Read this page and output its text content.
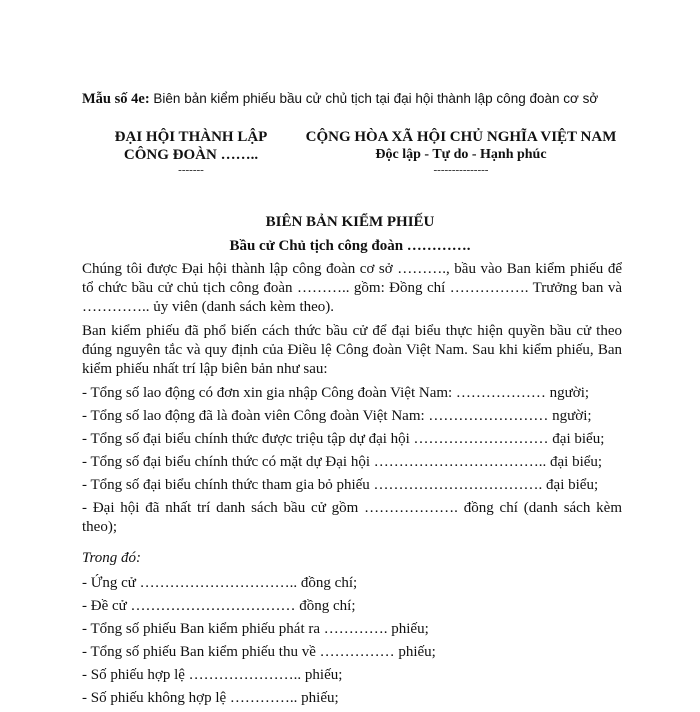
Mẫu số 4e: Biên bản kiểm phiếu bầu cử chủ tịch tại đại hội thành lập công đoàn cơ sở
ĐẠI HỘI THÀNH LẬP
CÔNG ĐOÀN ……..
-------
CỘNG HÒA XÃ HỘI CHỦ NGHĨA VIỆT NAM
Độc lập - Tự do - Hạnh phúc
---------------
BIÊN BẢN KIỂM PHIẾU
Bầu cử Chủ tịch công đoàn ………….

Chúng tôi được Đại hội thành lập công đoàn cơ sở ………., bầu vào Ban kiểm phiếu để tổ chức bầu cử chủ tịch công đoàn ……….. gồm: Đồng chí ……………. Trưởng ban và ………….. ủy viên (danh sách kèm theo).

Ban kiểm phiếu đã phổ biến cách thức bầu cử để đại biểu thực hiện quyền bầu cử theo đúng nguyên tắc và quy định của Điều lệ Công đoàn Việt Nam. Sau khi kiểm phiếu, Ban kiểm phiếu nhất trí lập biên bản như sau:

- Tổng số lao động có đơn xin gia nhập Công đoàn Việt Nam: ……………… người;

- Tổng số lao động đã là đoàn viên Công đoàn Việt Nam: …………………… người;

- Tổng số đại biểu chính thức được triệu tập dự đại hội ……………………… đại biểu;

- Tổng số đại biểu chính thức có mặt dự Đại hội …………………………….. đại biểu;

- Tổng số đại biểu chính thức tham gia bỏ phiếu ……………………………. đại biểu;

- Đại hội đã nhất trí danh sách bầu cử gồm ………………. đồng chí (danh sách kèm theo);

Trong đó:

- Ứng cử ………………………….. đồng chí;

- Đề cử …………………………… đồng chí;

- Tổng số phiếu Ban kiểm phiếu phát ra …………. phiếu;

- Tổng số phiếu Ban kiểm phiếu thu về …………… phiếu;

- Số phiếu hợp lệ ………………….. phiếu;

- Số phiếu không hợp lệ ………….. phiếu;
